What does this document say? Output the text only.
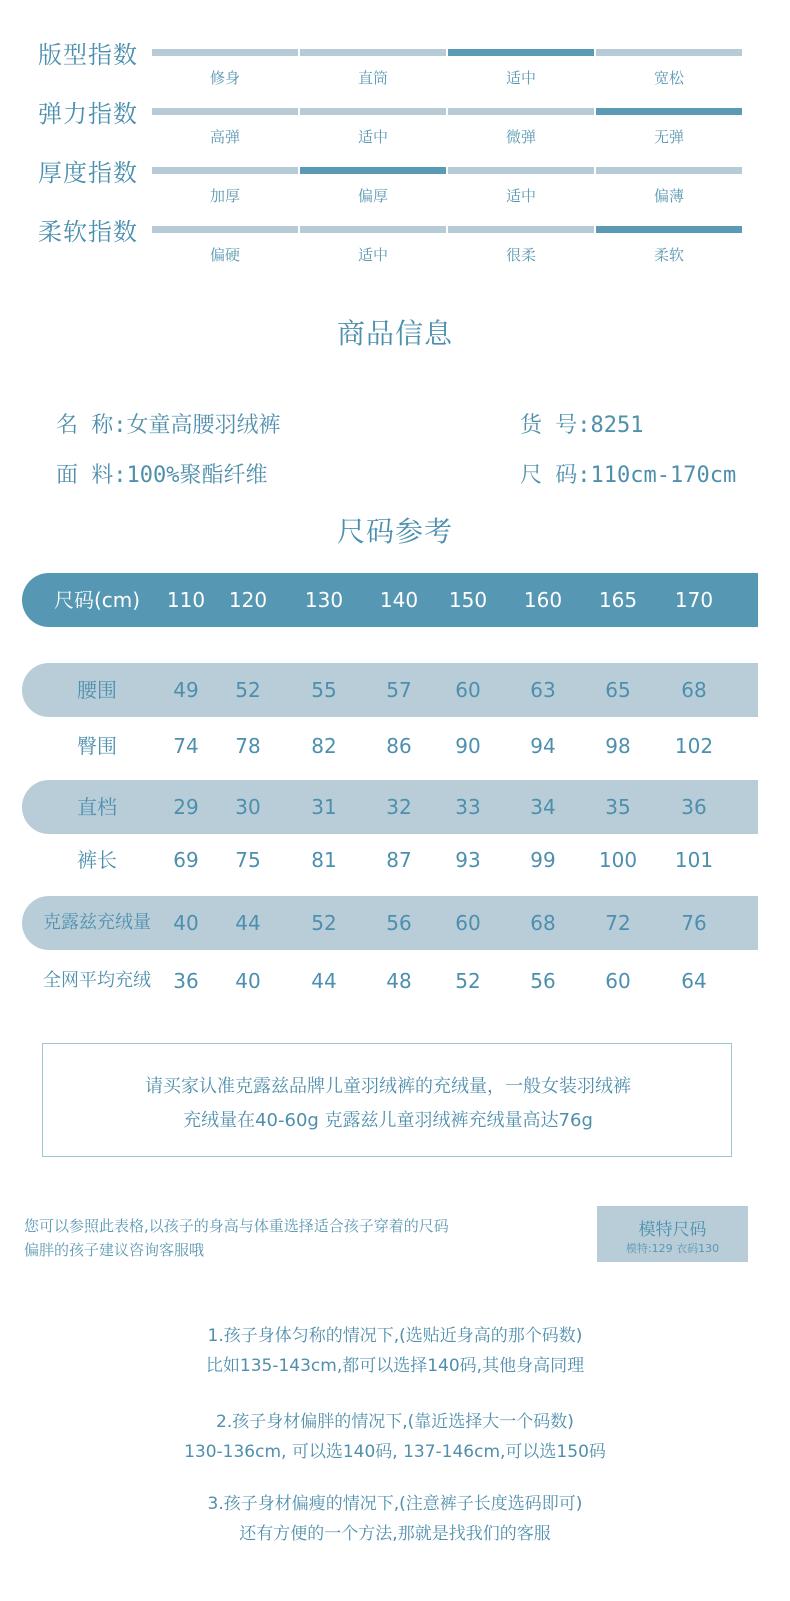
版型指数
修身	直筒	适中	宽松
弹力指数
高弹	适中	微弹	无弹
厚度指数
加厚	偏厚	适中	偏薄
柔软指数
偏硬	适中	很柔	柔软
商品信息
名 称:女童高腰羽绒裤	货 号:8251
面 料:100%聚酯纤维	尺 码:110cm-170cm
尺码参考
尺码(cm)	110	120	130	140	150	160	165	170
腰围	49	52	55	57	60	63	65	68
臀围	74	78	82	86	90	94	98	102
直档	29	30	31	32	33	34	35	36
裤长	69	75	81	87	93	99	100	101
克露兹充绒量	40	44	52	56	60	68	72	76
全网平均充绒	36	40	44	48	52	56	60	64
请买家认准克露兹品牌儿童羽绒裤的充绒量，一般女装羽绒裤
充绒量在40-60g 克露兹儿童羽绒裤充绒量高达76g
您可以参照此表格,以孩子的身高与体重选择适合孩子穿着的尺码
偏胖的孩子建议咨询客服哦
模特尺码
模特:129 衣码130
1.孩子身体匀称的情况下,(选贴近身高的那个码数)
比如135-143cm,都可以选择140码,其他身高同理
2.孩子身材偏胖的情况下,(靠近选择大一个码数)
130-136cm, 可以选140码, 137-146cm,可以选150码
3.孩子身材偏瘦的情况下,(注意裤子长度选码即可)
还有方便的一个方法,那就是找我们的客服
